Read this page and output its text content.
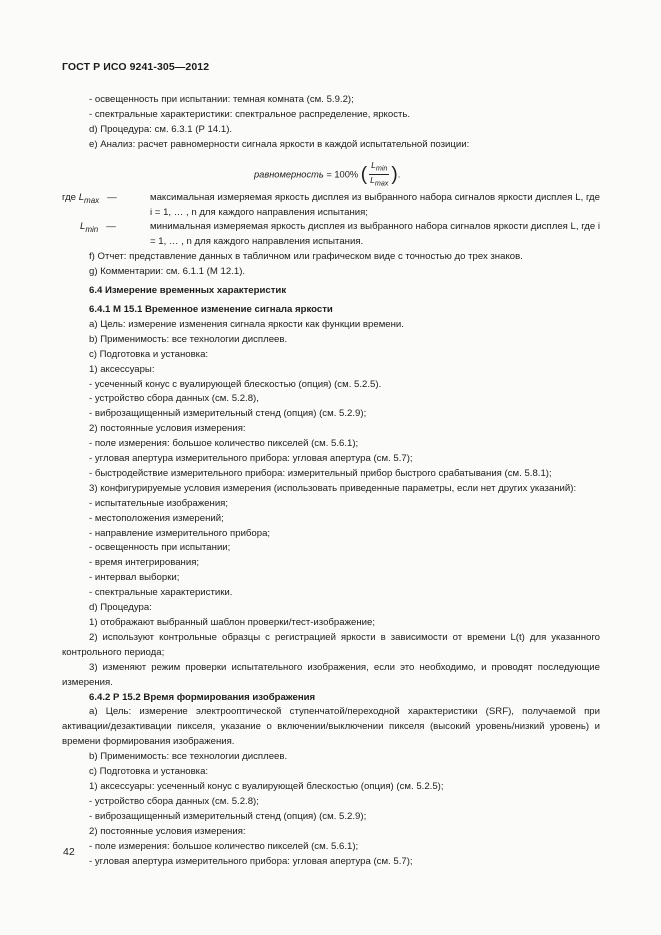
ГОСТ Р ИСО 9241-305—2012

- освещенность при испытании: темная комната (см. 5.9.2);

- спектральные характеристики: спектральное распределение, яркость.

d) Процедура: см. 6.3.1 (Р 14.1).

e) Анализ: расчет равномерности сигнала яркости в каждой испытательной позиции:

равномерность = 100% ( $\frac{L_{min}}{L_{max}}$ ).
где $L_{max}$ —	максимальная измеряемая яркость дисплея из выбранного набора сигналов яркости дисплея L, где i = 1, … , n для каждого направления испытания;
$L_{min}$ —	минимальная измеряемая яркость дисплея из выбранного набора сигналов яркости дисплея L, где i = 1, … , n для каждого направления испытания.

f) Отчет: представление данных в табличном или графическом виде с точностью до трех знаков.

g) Комментарии: см. 6.1.1 (М 12.1).

6.4 Измерение временных характеристик

6.4.1 М 15.1 Временное изменение сигнала яркости

a) Цель: измерение изменения сигнала яркости как функции времени.

b) Применимость: все технологии дисплеев.

c) Подготовка и установка:

1) аксессуары:

- усеченный конус с вуалирующей блескостью (опция) (см. 5.2.5).

- устройство сбора данных (см. 5.2.8),

- виброзащищенный измерительный стенд (опция) (см. 5.2.9);

2) постоянные условия измерения:

- поле измерения: большое количество пикселей (см. 5.6.1);

- угловая апертура измерительного прибора: угловая апертура (см. 5.7);

- быстродействие измерительного прибора: измерительный прибор быстрого срабатывания (см. 5.8.1);

3) конфигурируемые условия измерения (использовать приведенные параметры, если нет других указаний):

- испытательные изображения;

- местоположения измерений;

- направление измерительного прибора;

- освещенность при испытании;

- время интегрирования;

- интервал выборки;

- спектральные характеристики.

d) Процедура:

1) отображают выбранный шаблон проверки/тест-изображение;

2) используют контрольные образцы с регистрацией яркости в зависимости от времени L(t) для указанного контрольного периода;

3) изменяют режим проверки испытательного изображения, если это необходимо, и проводят последующие измерения.

6.4.2 Р 15.2 Время формирования изображения

a) Цель: измерение электрооптической ступенчатой/переходной характеристики (SRF), получаемой при активации/дезактивации пикселя, указание о включении/выключении пикселя (высокий уровень/низкий уровень) и времени формирования изображения.

b) Применимость: все технологии дисплеев.

c) Подготовка и установка:

1) аксессуары: усеченный конус с вуалирующей блескостью (опция) (см. 5.2.5);

- устройство сбора данных (см. 5.2.8);

- виброзащищенный измерительный стенд (опция) (см. 5.2.9);

2) постоянные условия измерения:

- поле измерения: большое количество пикселей (см. 5.6.1);

- угловая апертура измерительного прибора: угловая апертура (см. 5.7);

42
